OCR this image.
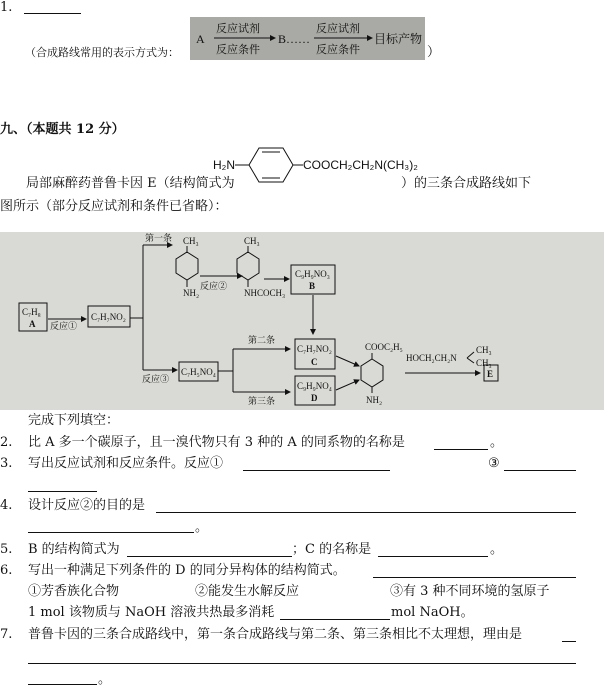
1.
（合成路线常用的表示方式为：
A
反应试剂
反应条件
B……
反应试剂
反应条件
目标产物
）
九、（本题共 12 分）
H₂N	COOCH₂CH₂N(CH₃)₂
局部麻醉药普鲁卡因 E（结构简式为	）的三条合成路线如下
图所示（部分反应试剂和条件已省略）：
C₇H₈
A 反应①
C₇H₇NO₂
第一条 CH₃
NH₂
反应②
CH₃
NHCOCH₃
C₉H₉NO₃
B
反应③
C₇H₅NO₄
第二条
第三条
C₇H₇NO₂
C
C₉H₉NO₄
D
COOC₂H₅
NH₂
HOCH₂CH₂N
CH₃
CH₃
E
完成下列填空：
2. 比 A 多一个碳原子，且一溴代物只有 3 种的 A 的同系物的名称是	。
3. 写出反应试剂和反应条件。反应①	③
4. 设计反应②的目的是
。
5. B 的结构简式为	；C 的名称是	。
6. 写出一种满足下列条件的 D 的同分异构体的结构简式。
①芳香族化合物	②能发生水解反应	③有 3 种不同环境的氢原子
1 mol 该物质与 NaOH 溶液共热最多消耗	mol NaOH。
7. 普鲁卡因的三条合成路线中，第一条合成路线与第二条、第三条相比不太理想，理由是
。
